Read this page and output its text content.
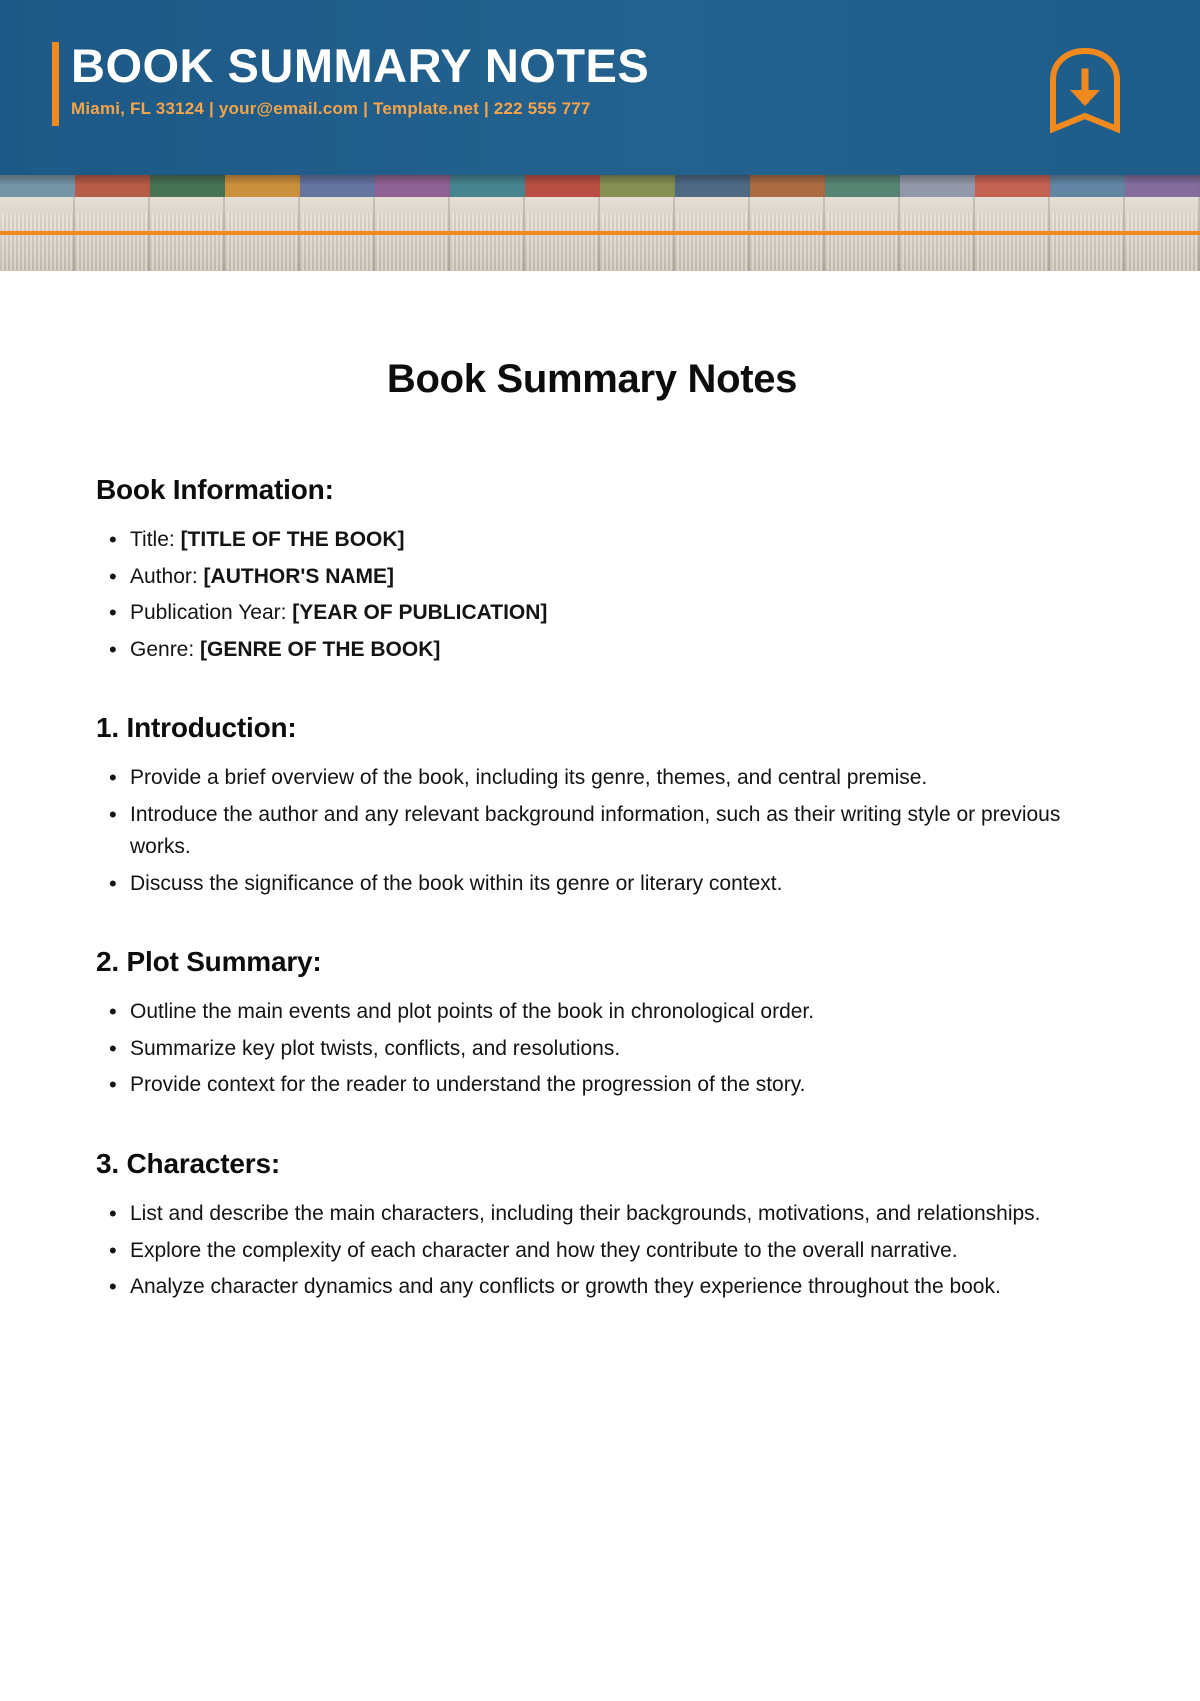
BOOK SUMMARY NOTES
Miami, FL 33124 | your@email.com | Template.net | 222 555 777
Book Summary Notes
Book Information:
• Title: [TITLE OF THE BOOK]
• Author: [AUTHOR'S NAME]
• Publication Year: [YEAR OF PUBLICATION]
• Genre: [GENRE OF THE BOOK]
1. Introduction:
• Provide a brief overview of the book, including its genre, themes, and central premise.
• Introduce the author and any relevant background information, such as their writing style or previous works.
• Discuss the significance of the book within its genre or literary context.
2. Plot Summary:
• Outline the main events and plot points of the book in chronological order.
• Summarize key plot twists, conflicts, and resolutions.
• Provide context for the reader to understand the progression of the story.
3. Characters:
• List and describe the main characters, including their backgrounds, motivations, and relationships.
• Explore the complexity of each character and how they contribute to the overall narrative.
• Analyze character dynamics and any conflicts or growth they experience throughout the book.
